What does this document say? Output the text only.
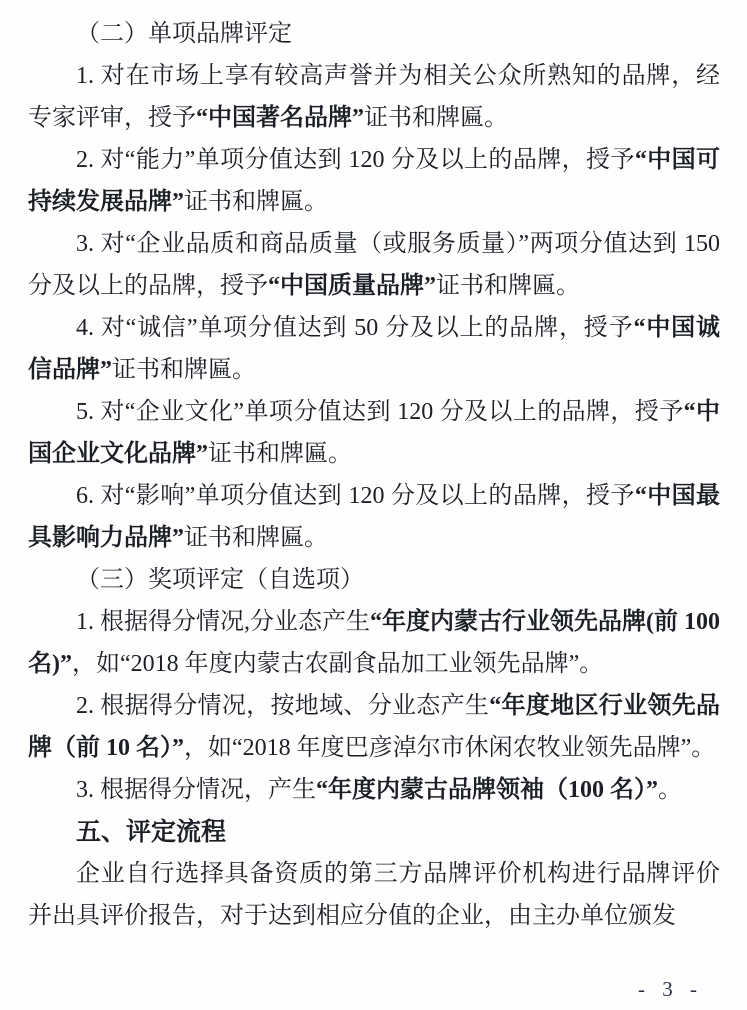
（二）单项品牌评定

1. 对在市场上享有较高声誉并为相关公众所熟知的品牌，经专家评审，授予“中国著名品牌”证书和牌匾。

2. 对“能力”单项分值达到 120 分及以上的品牌，授予“中国可持续发展品牌”证书和牌匾。

3. 对“企业品质和商品质量（或服务质量）”两项分值达到 150 分及以上的品牌，授予“中国质量品牌”证书和牌匾。

4. 对“诚信”单项分值达到 50 分及以上的品牌，授予“中国诚信品牌”证书和牌匾。

5. 对“企业文化”单项分值达到 120 分及以上的品牌，授予“中国企业文化品牌”证书和牌匾。

6. 对“影响”单项分值达到 120 分及以上的品牌，授予“中国最具影响力品牌”证书和牌匾。

（三）奖项评定（自选项）

1. 根据得分情况,分业态产生“年度内蒙古行业领先品牌(前 100 名)”，如“2018 年度内蒙古农副食品加工业领先品牌”。

2. 根据得分情况，按地域、分业态产生“年度地区行业领先品牌（前 10 名）”，如“2018 年度巴彦淖尔市休闲农牧业领先品牌”。

3. 根据得分情况，产生“年度内蒙古品牌领袖（100 名）”。

五、评定流程

企业自行选择具备资质的第三方品牌评价机构进行品牌评价并出具评价报告，对于达到相应分值的企业，由主办单位颁发

- 3 -
